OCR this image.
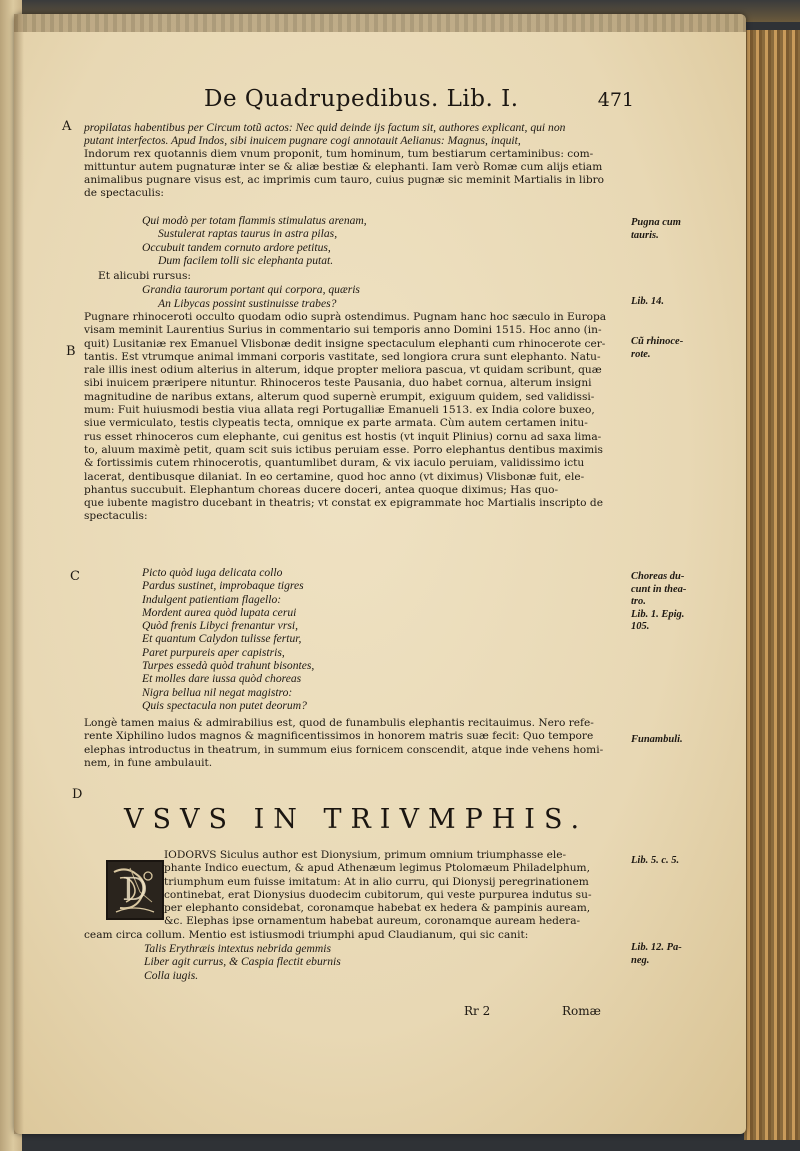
De Quadrupedibus. Lib. I.	471
A
B
C
D
propilatas habentibus per Circum totũ actos: Nec quid deinde ijs factum sit, authores explicant, qui non
putant interfectos. Apud Indos, sibi inuicem pugnare cogi annotauit Aelianus: Magnus, inquit,
Indorum rex quotannis diem vnum proponit, tum hominum, tum bestiarum certaminibus: com-
mittuntur autem pugnaturæ inter se & aliæ bestiæ & elephanti. Iam verò Romæ cum alijs etiam
animalibus pugnare visus est, ac imprimis cum tauro, cuius pugnæ sic meminit Martialis in libro
de spectaculis:
Qui modò per totam flammis stimulatus arenam,
Sustulerat raptas taurus in astra pilas,
Occubuit tandem cornuto ardore petitus,
Dum facilem tolli sic elephanta putat.
Et alicubi rursus:
Grandia taurorum portant qui corpora, quæris
An Libycas possint sustinuisse trabes?
Pugnare rhinoceroti occulto quodam odio suprà ostendimus. Pugnam hanc hoc sæculo in Europa
visam meminit Laurentius Surius in commentario sui temporis anno Domini 1515. Hoc anno (in-
quit) Lusitaniæ rex Emanuel Vlisbonæ dedit insigne spectaculum elephanti cum rhinocerote cer-
tantis. Est vtrumque animal immani corporis vastitate, sed longiora crura sunt elephanto. Natu-
rale illis inest odium alterius in alterum, idque propter meliora pascua, vt quidam scribunt, quæ
sibi inuicem præripere nituntur. Rhinoceros teste Pausania, duo habet cornua, alterum insigni
magnitudine de naribus extans, alterum quod supernè erumpit, exiguum quidem, sed validissi-
mum: Fuit huiusmodi bestia viua allata regi Portugalliæ Emanueli 1513. ex India colore buxeo,
siue vermiculato, testis clypeatis tecta, omnique ex parte armata. Cùm autem certamen initu-
rus esset rhinoceros cum elephante, cui genitus est hostis (vt inquit Plinius) cornu ad saxa lima-
to, aluum maximè petit, quam scit suis ictibus peruiam esse. Porro elephantus dentibus maximis
& fortissimis cutem rhinocerotis, quantumlibet duram, & vix iaculo peruiam, validissimo ictu
lacerat, dentibusque dilaniat. In eo certamine, quod hoc anno (vt diximus) Vlisbonæ fuit, ele-
phantus succubuit. Elephantum choreas ducere doceri, antea quoque diximus; Has quo-
que iubente magistro ducebant in theatris; vt constat ex epigrammate hoc Martialis inscripto de
spectaculis:
Picto quòd iuga delicata collo
Pardus sustinet, improbaque tigres
Indulgent patientiam flagello:
Mordent aurea quòd lupata cerui
Quòd frenis Libyci frenantur vrsi,
Et quantum Calydon tulisse fertur,
Paret purpureis aper capistris,
Turpes essedà quòd trahunt bisontes,
Et molles dare iussa quòd choreas
Nigra bellua nil negat magistro:
Quis spectacula non putet deorum?
Longè tamen maius & admirabilius est, quod de funambulis elephantis recitauimus. Nero refe-
rente Xiphilino ludos magnos & magnificentissimos in honorem matris suæ fecit: Quo tempore
elephas introductus in theatrum, in summum eius fornicem conscendit, atque inde vehens homi-
nem, in fune ambulauit.
VSVS IN TRIVMPHIS.
D
IODORVS Siculus author est Dionysium, primum omnium triumphasse ele-
phante Indico euectum, & apud Athenæum legimus Ptolomæum Philadelphum,
triumphum eum fuisse imitatum: At in alio curru, qui Dionysij peregrinationem
continebat, erat Dionysius duodecim cubitorum, qui veste purpurea indutus su-
per elephanto considebat, coronamque habebat ex hedera & pampinis auream,
&c. Elephas ipse ornamentum habebat aureum, coronamque auream hedera-
ceam circa collum. Mentio est istiusmodi triumphi apud Claudianum, qui sic canit:
Talis Erythræis intextus nebrida gemmis
Liber agit currus, & Caspia flectit eburnis
Colla iugis.
Pugna cum
tauris.
Lib. 14.
Cũ rhinoce-
rote.
Choreas du-
cunt in thea-
tro.
Lib. 1. Epig.
105.
Funambuli.
Lib. 5. c. 5.
Lib. 12. Pa-
neg.
Rr 2	Romæ
